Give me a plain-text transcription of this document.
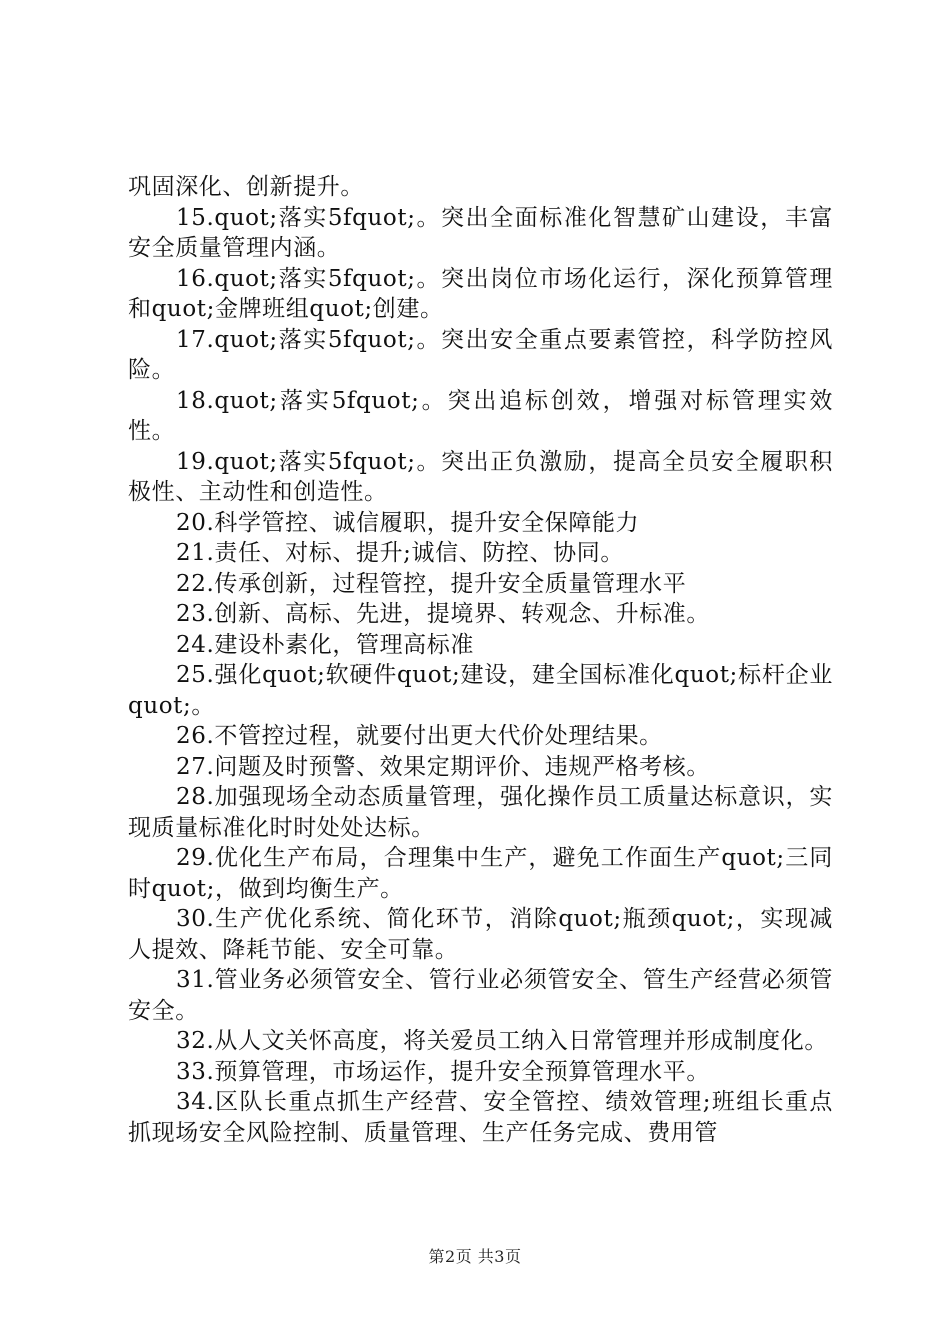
巩固深化、创新提升。

15.quot;落实5fquot;。突出全面标准化智慧矿山建设，丰富安全质量管理内涵。

16.quot;落实5fquot;。突出岗位市场化运行，深化预算管理和quot;金牌班组quot;创建。

17.quot;落实5fquot;。突出安全重点要素管控，科学防控风险。

18.quot;落实5fquot;。突出追标创效，增强对标管理实效性。

19.quot;落实5fquot;。突出正负激励，提高全员安全履职积极性、主动性和创造性。

20.科学管控、诚信履职，提升安全保障能力

21.责任、对标、提升;诚信、防控、协同。

22.传承创新，过程管控，提升安全质量管理水平

23.创新、高标、先进，提境界、转观念、升标准。

24.建设朴素化，管理高标准

25.强化quot;软硬件quot;建设，建全国标准化quot;标杆企业quot;。

26.不管控过程，就要付出更大代价处理结果。

27.问题及时预警、效果定期评价、违规严格考核。

28.加强现场全动态质量管理，强化操作员工质量达标意识，实现质量标准化时时处处达标。

29.优化生产布局，合理集中生产，避免工作面生产quot;三同时quot;，做到均衡生产。

30.生产优化系统、简化环节，消除quot;瓶颈quot;，实现减人提效、降耗节能、安全可靠。

31.管业务必须管安全、管行业必须管安全、管生产经营必须管安全。

32.从人文关怀高度，将关爱员工纳入日常管理并形成制度化。

33.预算管理，市场运作，提升安全预算管理水平。

34.区队长重点抓生产经营、安全管控、绩效管理;班组长重点抓现场安全风险控制、质量管理、生产任务完成、费用管

第2页 共3页
